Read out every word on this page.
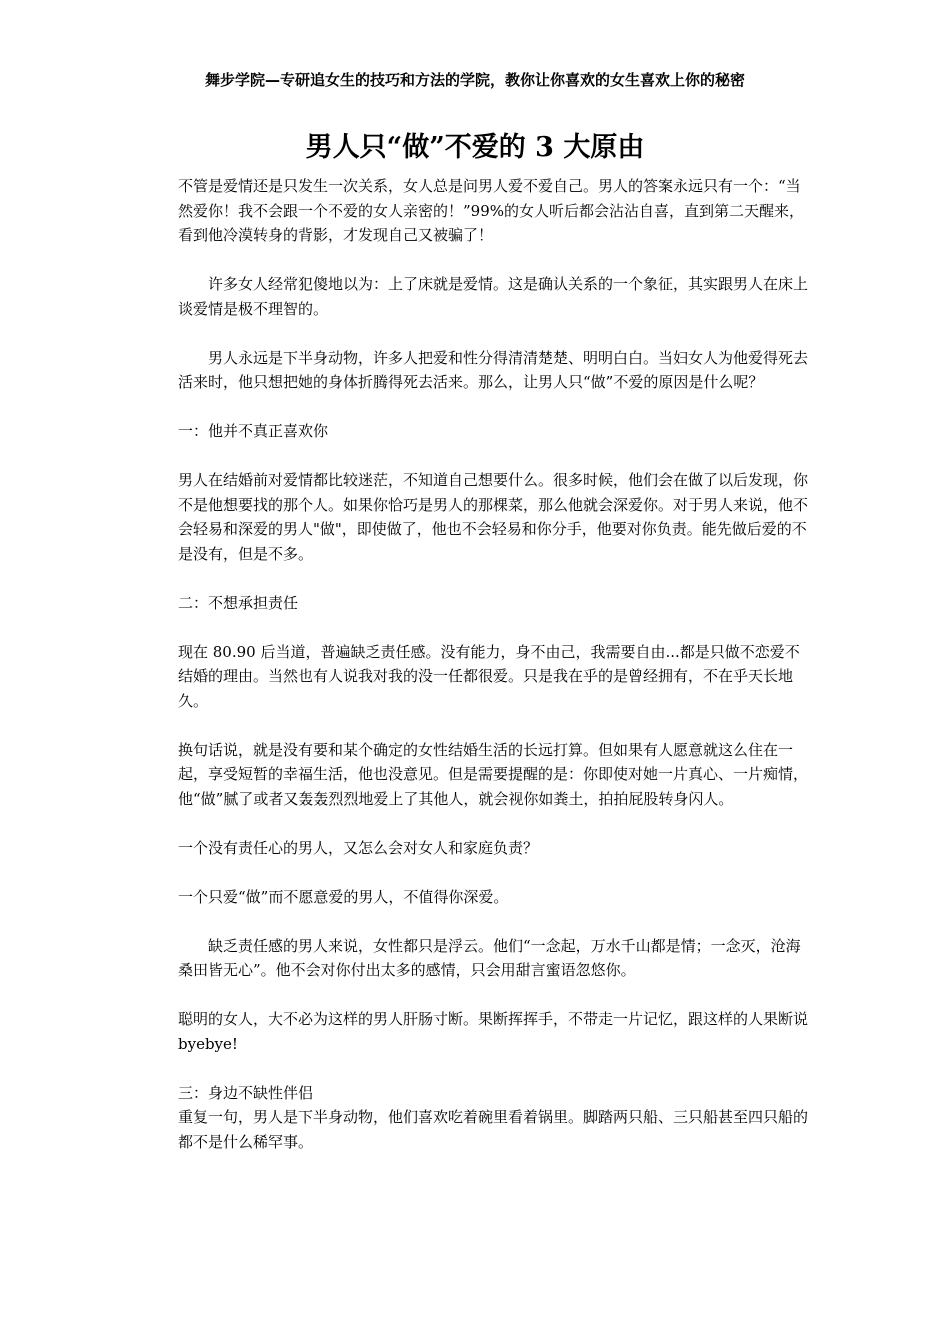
舞步学院—专研追女生的技巧和方法的学院，教你让你喜欢的女生喜欢上你的秘密
男人只“做”不爱的 3 大原由

不管是爱情还是只发生一次关系，女人总是问男人爱不爱自己。男人的答案永远只有一个：“当然爱你！我不会跟一个不爱的女人亲密的！”99%的女人听后都会沾沾自喜，直到第二天醒来，看到他冷漠转身的背影，才发现自己又被骗了！

许多女人经常犯傻地以为：上了床就是爱情。这是确认关系的一个象征，其实跟男人在床上谈爱情是极不理智的。

男人永远是下半身动物，许多人把爱和性分得清清楚楚、明明白白。当妇女人为他爱得死去活来时，他只想把她的身体折腾得死去活来。那么，让男人只“做”不爱的原因是什么呢？

一：他并不真正喜欢你

男人在结婚前对爱情都比较迷茫，不知道自己想要什么。很多时候，他们会在做了以后发现，你不是他想要找的那个人。如果你恰巧是男人的那棵菜，那么他就会深爱你。对于男人来说，他不会轻易和深爱的男人"做"，即使做了，他也不会轻易和你分手，他要对你负责。能先做后爱的不是没有，但是不多。

二：不想承担责任

现在 80.90 后当道，普遍缺乏责任感。没有能力，身不由己，我需要自由...都是只做不恋爱不结婚的理由。当然也有人说我对我的没一任都很爱。只是我在乎的是曾经拥有，不在乎天长地久。

换句话说，就是没有要和某个确定的女性结婚生活的长远打算。但如果有人愿意就这么住在一起，享受短暂的幸福生活，他也没意见。但是需要提醒的是：你即使对她一片真心、一片痴情，他“做”腻了或者又轰轰烈烈地爱上了其他人，就会视你如粪土，拍拍屁股转身闪人。

一个没有责任心的男人，又怎么会对女人和家庭负责？

一个只爱“做”而不愿意爱的男人，不值得你深爱。

缺乏责任感的男人来说，女性都只是浮云。他们“一念起，万水千山都是情；一念灭，沧海桑田皆无心”。他不会对你付出太多的感情，只会用甜言蜜语忽悠你。

聪明的女人，大不必为这样的男人肝肠寸断。果断挥挥手，不带走一片记忆，跟这样的人果断说 byebye!

三：身边不缺性伴侣

重复一句，男人是下半身动物，他们喜欢吃着碗里看着锅里。脚踏两只船、三只船甚至四只船的都不是什么稀罕事。
